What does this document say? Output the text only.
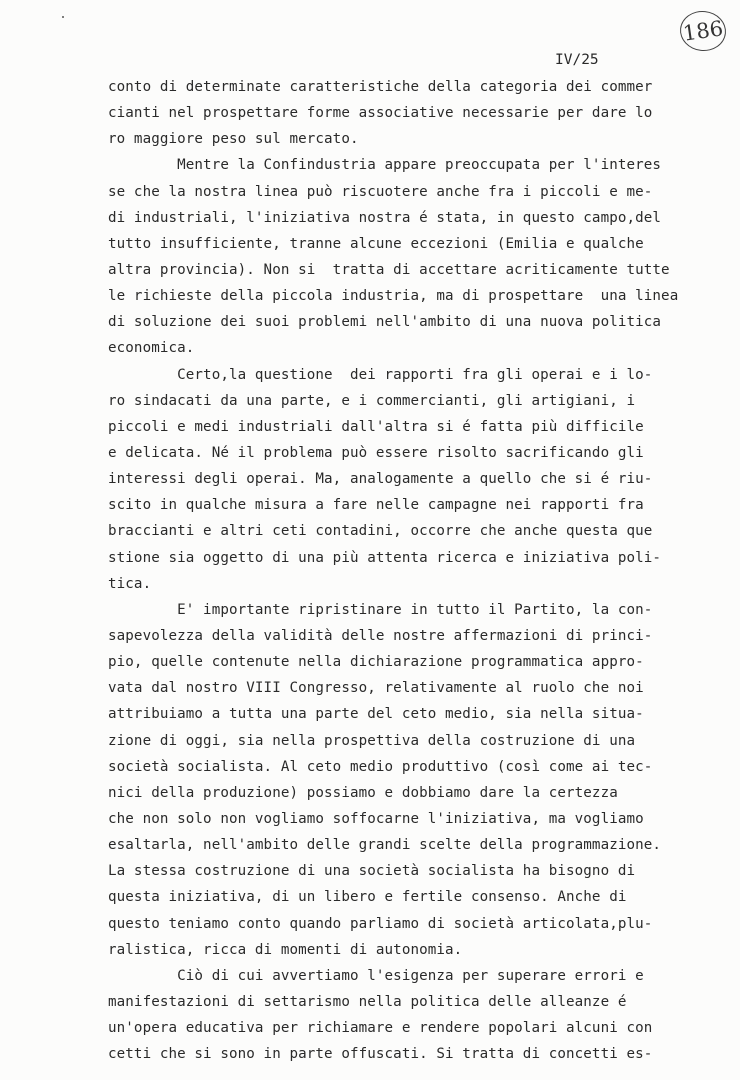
186
IV/25
conto di determinate caratteristiche della categoria dei commer
cianti nel prospettare forme associative necessarie per dare lo
ro maggiore peso sul mercato.
Mentre la Confindustria appare preoccupata per l'interes
se che la nostra linea può riscuotere anche fra i piccoli e me-
di industriali, l'iniziativa nostra é stata, in questo campo,del
tutto insufficiente, tranne alcune eccezioni (Emilia e qualche
altra provincia). Non si  tratta di accettare acriticamente tutte
le richieste della piccola industria, ma di prospettare  una linea
di soluzione dei suoi problemi nell'ambito di una nuova politica
economica.
Certo,la questione  dei rapporti fra gli operai e i lo-
ro sindacati da una parte, e i commercianti, gli artigiani, i
piccoli e medi industriali dall'altra si é fatta più difficile
e delicata. Né il problema può essere risolto sacrificando gli
interessi degli operai. Ma, analogamente a quello che si é riu-
scito in qualche misura a fare nelle campagne nei rapporti fra
braccianti e altri ceti contadini, occorre che anche questa que
stione sia oggetto di una più attenta ricerca e iniziativa poli-
tica.
E' importante ripristinare in tutto il Partito, la con-
sapevolezza della validità delle nostre affermazioni di princi-
pio, quelle contenute nella dichiarazione programmatica appro-
vata dal nostro VIII Congresso, relativamente al ruolo che noi
attribuiamo a tutta una parte del ceto medio, sia nella situa-
zione di oggi, sia nella prospettiva della costruzione di una
società socialista. Al ceto medio produttivo (così come ai tec-
nici della produzione) possiamo e dobbiamo dare la certezza
che non solo non vogliamo soffocarne l'iniziativa, ma vogliamo
esaltarla, nell'ambito delle grandi scelte della programmazione.
La stessa costruzione di una società socialista ha bisogno di
questa iniziativa, di un libero e fertile consenso. Anche di
questo teniamo conto quando parliamo di società articolata,plu-
ralistica, ricca di momenti di autonomia.
Ciò di cui avvertiamo l'esigenza per superare errori e
manifestazioni di settarismo nella politica delle alleanze é
un'opera educativa per richiamare e rendere popolari alcuni con
cetti che si sono in parte offuscati. Si tratta di concetti es-
